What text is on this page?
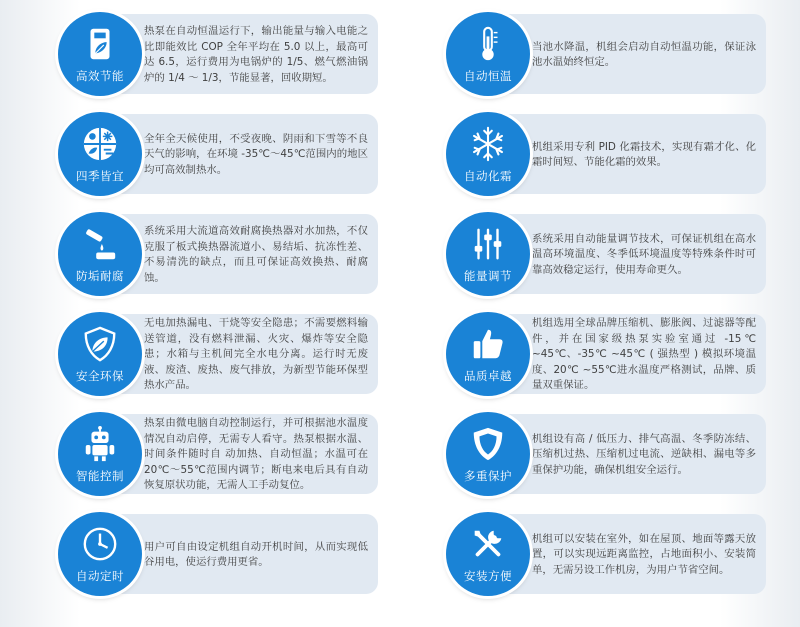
热泵在自动恒温运行下，输出能量与输入电能之比即能效比 COP 全年平均在 5.0 以上，最高可达 6.5，运行费用为电锅炉的 1/5、燃气燃油锅炉的 1/4 ～ 1/3，节能显著，回收期短。

高效节能

全年全天候使用，不受夜晚、阴雨和下雪等不良天气的影响，在环境 -35℃～45℃范围内的地区均可高效制热水。

四季皆宜

系统采用大流道高效耐腐换热器对水加热，不仅克服了板式换热器流道小、易结垢、抗冻性差、不易清洗的缺点，而且可保证高效换热、耐腐蚀。

防垢耐腐

无电加热漏电、干烧等安全隐患；不需要燃料输送管道，没有燃料泄漏、火灾、爆炸等安全隐患；水箱与主机间完全水电分离。运行时无废液、废渣、废热、废气排放，为新型节能环保型热水产品。

安全环保

热泵由微电脑自动控制运行，并可根据池水温度情况自动启停，无需专人看守。热泵根据水温、时间条件随时自 动加热、自动恒温；水温可在 20℃～55℃范围内调节；断电来电后具有自动恢复原状功能，无需人工手动复位。

智能控制

用户可自由设定机组自动开机时间，从而实现低谷用电，使运行费用更省。

自动定时

当池水降温，机组会启动自动恒温功能，保证泳池水温始终恒定。

自动恒温

机组采用专利 PID 化霜技术，实现有霜才化、化霜时间短、节能化霜的效果。

自动化霜

系统采用自动能量调节技术，可保证机组在高水温高环境温度、冬季低环境温度等特殊条件时可靠高效稳定运行，使用寿命更久。

能量调节

机组选用全球品牌压缩机、膨胀阀、过滤器等配件，并在国家级热泵实验室通过 -15℃ ~45℃、-35℃ ~45℃ ( 强热型 ) 模拟环境温度、20℃ ~55℃进水温度严格测试，品牌、质量双重保证。

品质卓越

机组设有高 / 低压力、排气高温、冬季防冻结、压缩机过热、压缩机过电流、逆缺相、漏电等多重保护功能，确保机组安全运行。

多重保护

机组可以安装在室外，如在屋顶、地面等露天放置，可以实现远距离监控，占地面积小、安装简单，无需另设工作机房，为用户节省空间。

安装方便
